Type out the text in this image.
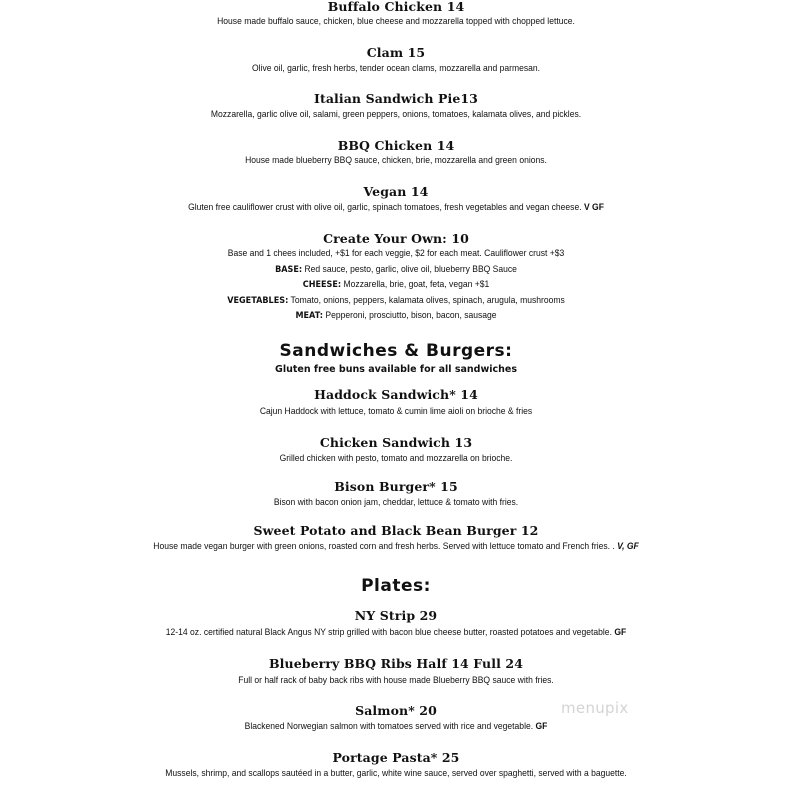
Buffalo Chicken 14
House made buffalo sauce, chicken, blue cheese and mozzarella topped with chopped lettuce.
Clam 15
Olive oil, garlic, fresh herbs, tender ocean clams, mozzarella and parmesan.
Italian Sandwich Pie13
Mozzarella, garlic olive oil, salami, green peppers, onions, tomatoes, kalamata olives, and pickles.
BBQ Chicken 14
House made blueberry BBQ sauce, chicken, brie, mozzarella and green onions.
Vegan 14
Gluten free cauliflower crust with olive oil, garlic, spinach tomatoes, fresh vegetables and vegan cheese. V GF
Create Your Own: 10
Base and 1 chees included, +$1 for each veggie, $2 for each meat. Cauliflower crust +$3
BASE: Red sauce, pesto, garlic, olive oil, blueberry BBQ Sauce
CHEESE: Mozzarella, brie, goat, feta, vegan +$1
VEGETABLES: Tomato, onions, peppers, kalamata olives, spinach, arugula, mushrooms
MEAT: Pepperoni, prosciutto, bison, bacon, sausage
Sandwiches & Burgers:
Gluten free buns available for all sandwiches
Haddock Sandwich* 14
Cajun Haddock with lettuce, tomato & cumin lime aioli on brioche & fries
Chicken Sandwich 13
Grilled chicken with pesto, tomato and mozzarella on brioche.
Bison Burger* 15
Bison with bacon onion jam, cheddar, lettuce & tomato with fries.
Sweet Potato and Black Bean Burger 12
House made vegan burger with green onions, roasted corn and fresh herbs. Served with lettuce tomato and French fries. . V, GF
Plates:
NY Strip 29
12-14 oz. certified natural Black Angus NY strip grilled with bacon blue cheese butter, roasted potatoes and vegetable. GF
Blueberry BBQ Ribs Half 14 Full 24
Full or half rack of baby back ribs with house made Blueberry BBQ sauce with fries.
Salmon* 20
Blackened Norwegian salmon with tomatoes served with rice and vegetable. GF
Portage Pasta* 25
Mussels, shrimp, and scallops sautéed in a butter, garlic, white wine sauce, served over spaghetti, served with a baguette.
menupix
